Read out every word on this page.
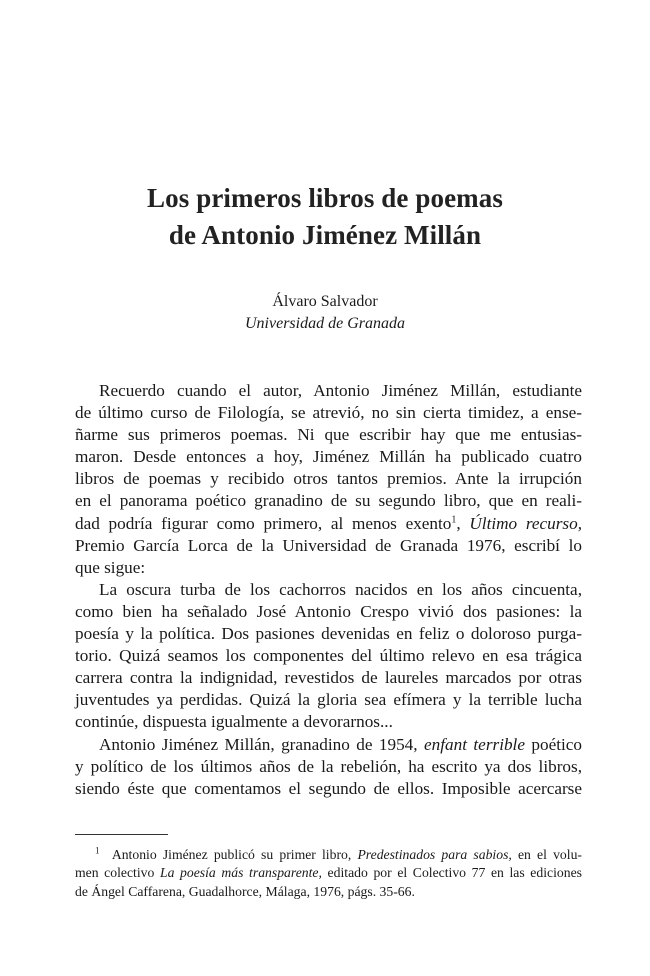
Los primeros libros de poemas
de Antonio Jiménez Millán
Álvaro Salvador
Universidad de Granada
Recuerdo cuando el autor, Antonio Jiménez Millán, estudiante
de último curso de Filología, se atrevió, no sin cierta timidez, a ense-
ñarme sus primeros poemas. Ni que escribir hay que me entusias-
maron. Desde entonces a hoy, Jiménez Millán ha publicado cuatro
libros de poemas y recibido otros tantos premios. Ante la irrupción
en el panorama poético granadino de su segundo libro, que en reali-
dad podría figurar como primero, al menos exento$^1$, Último recurso,
Premio García Lorca de la Universidad de Granada 1976, escribí lo
que sigue:
La oscura turba de los cachorros nacidos en los años cincuenta,
como bien ha señalado José Antonio Crespo vivió dos pasiones: la
poesía y la política. Dos pasiones devenidas en feliz o doloroso purga-
torio. Quizá seamos los componentes del último relevo en esa trágica
carrera contra la indignidad, revestidos de laureles marcados por otras
juventudes ya perdidas. Quizá la gloria sea efímera y la terrible lucha
continúe, dispuesta igualmente a devorarnos...
Antonio Jiménez Millán, granadino de 1954, enfant terrible poético
y político de los últimos años de la rebelión, ha escrito ya dos libros,
siendo éste que comentamos el segundo de ellos. Imposible acercarse
$^1$ Antonio Jiménez publicó su primer libro, Predestinados para sabios, en el volu-
men colectivo La poesía más transparente, editado por el Colectivo 77 en las ediciones
de Ángel Caffarena, Guadalhorce, Málaga, 1976, págs. 35-66.
